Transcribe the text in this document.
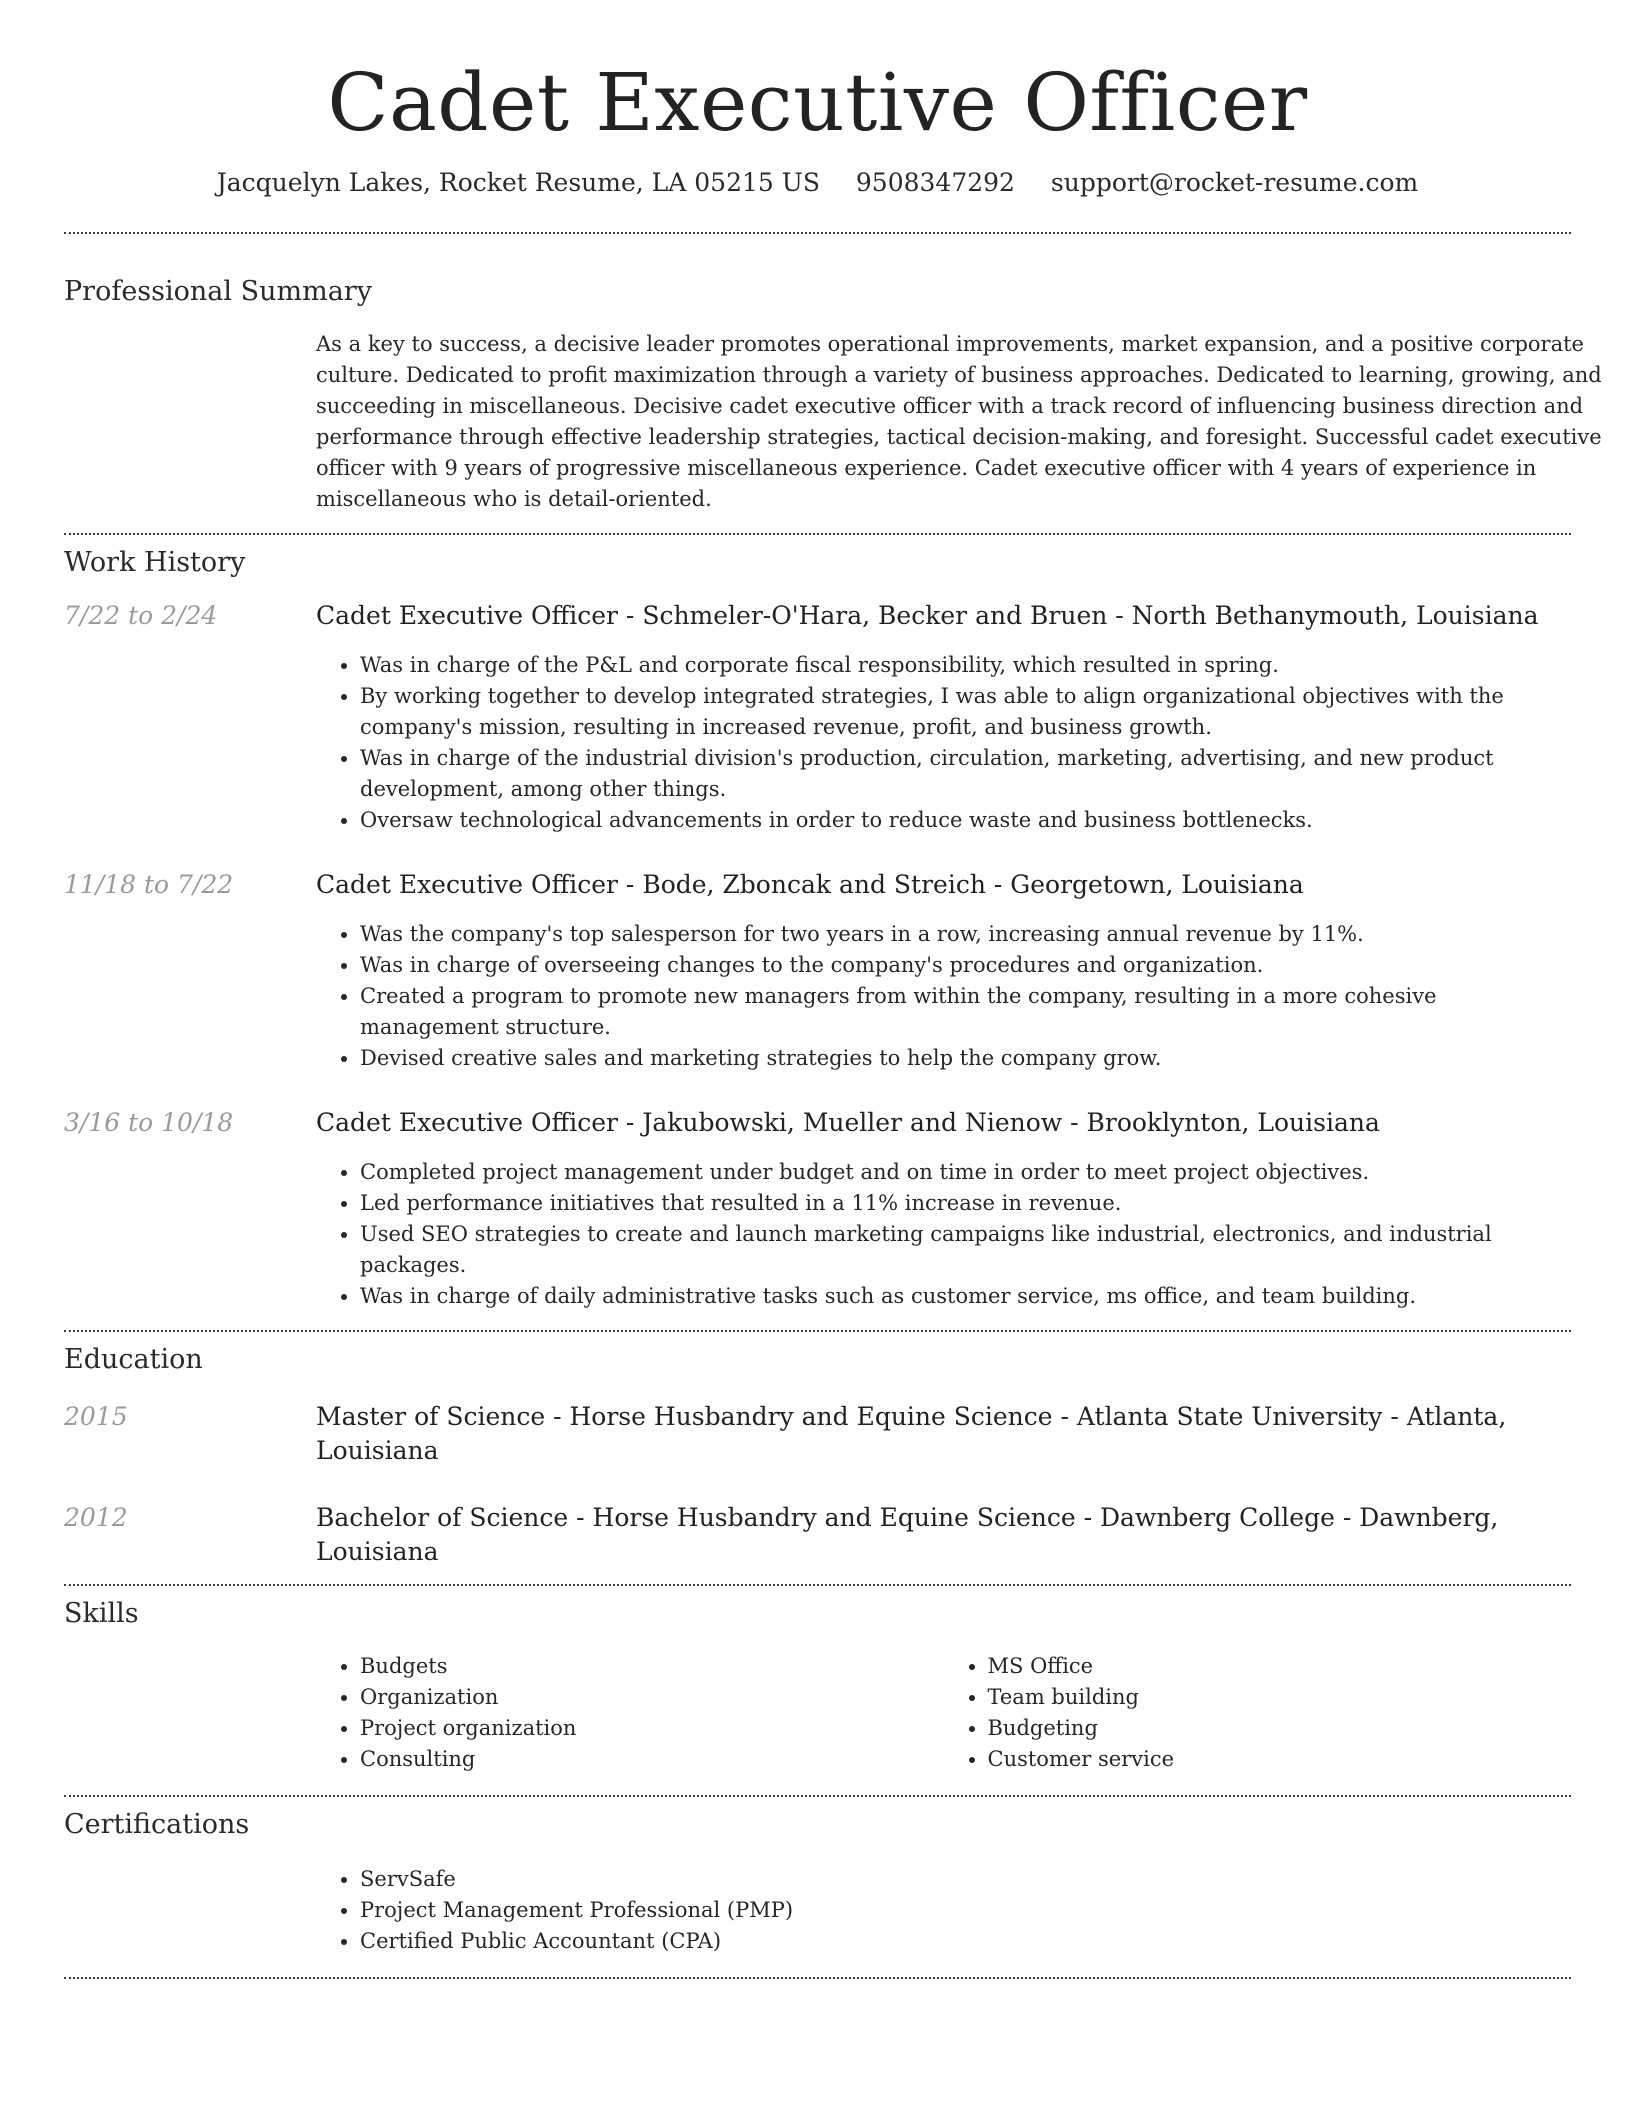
Cadet Executive Officer
Jacquelyn Lakes, Rocket Resume, LA 05215 US 9508347292 support@rocket-resume.com
Professional Summary
As a key to success, a decisive leader promotes operational improvements, market expansion, and a positive corporate culture. Dedicated to profit maximization through a variety of business approaches. Dedicated to learning, growing, and succeeding in miscellaneous. Decisive cadet executive officer with a track record of influencing business direction and performance through effective leadership strategies, tactical decision-making, and foresight. Successful cadet executive officer with 9 years of progressive miscellaneous experience. Cadet executive officer with 4 years of experience in miscellaneous who is detail-oriented.
Work History
7/22 to 2/24	Cadet Executive Officer - Schmeler-O'Hara, Becker and Bruen - North Bethanymouth, Louisiana
• Was in charge of the P&L and corporate fiscal responsibility, which resulted in spring.
• By working together to develop integrated strategies, I was able to align organizational objectives with the company's mission, resulting in increased revenue, profit, and business growth.
• Was in charge of the industrial division's production, circulation, marketing, advertising, and new product development, among other things.
• Oversaw technological advancements in order to reduce waste and business bottlenecks.
11/18 to 7/22	Cadet Executive Officer - Bode, Zboncak and Streich - Georgetown, Louisiana
• Was the company's top salesperson for two years in a row, increasing annual revenue by 11%.
• Was in charge of overseeing changes to the company's procedures and organization.
• Created a program to promote new managers from within the company, resulting in a more cohesive management structure.
• Devised creative sales and marketing strategies to help the company grow.
3/16 to 10/18	Cadet Executive Officer - Jakubowski, Mueller and Nienow - Brooklynton, Louisiana
• Completed project management under budget and on time in order to meet project objectives.
• Led performance initiatives that resulted in a 11% increase in revenue.
• Used SEO strategies to create and launch marketing campaigns like industrial, electronics, and industrial packages.
• Was in charge of daily administrative tasks such as customer service, ms office, and team building.
Education
2015	Master of Science - Horse Husbandry and Equine Science - Atlanta State University - Atlanta, Louisiana
2012	Bachelor of Science - Horse Husbandry and Equine Science - Dawnberg College - Dawnberg, Louisiana
Skills
• Budgets
• Organization
• Project organization
• Consulting
• MS Office
• Team building
• Budgeting
• Customer service
Certifications
• ServSafe
• Project Management Professional (PMP)
• Certified Public Accountant (CPA)
